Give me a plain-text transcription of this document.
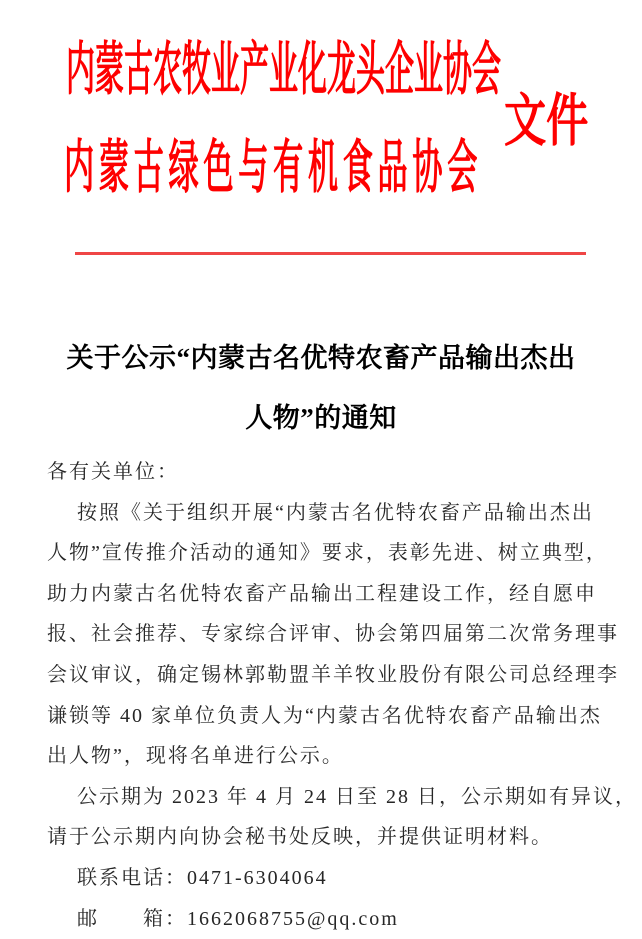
内蒙古农牧业产业化龙头企业协会
文件
内蒙古绿色与有机食品协会
关于公示“内蒙古名优特农畜产品输出杰出
人物”的通知
各有关单位：
按照《关于组织开展“内蒙古名优特农畜产品输出杰出
人物”宣传推介活动的通知》要求，表彰先进、树立典型，
助力内蒙古名优特农畜产品输出工程建设工作，经自愿申
报、社会推荐、专家综合评审、协会第四届第二次常务理事
会议审议，确定锡林郭勒盟羊羊牧业股份有限公司总经理李
谦锁等 40 家单位负责人为“内蒙古名优特农畜产品输出杰
出人物”，现将名单进行公示。
公示期为 2023 年 4 月 24 日至 28 日，公示期如有异议，
请于公示期内向协会秘书处反映，并提供证明材料。
联系电话：0471-6304064
邮　　箱：1662068755@qq.com
